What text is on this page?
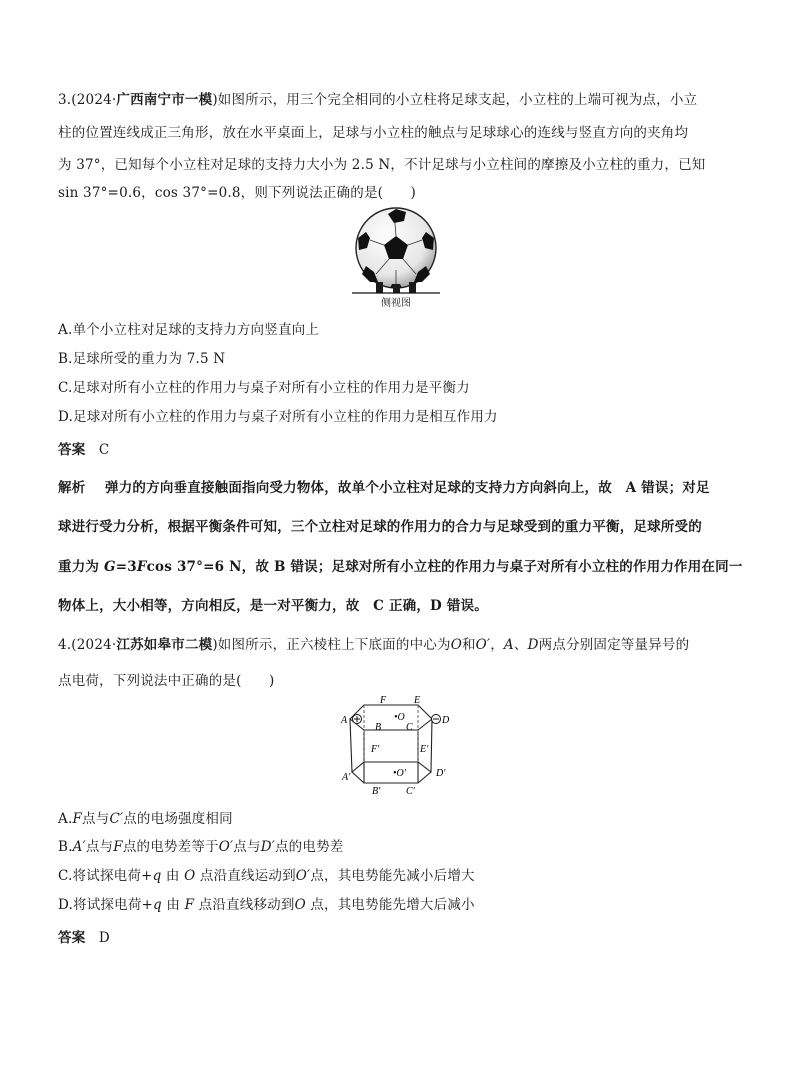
3.(2024·广西南宁市一模)如图所示，用三个完全相同的小立柱将足球支起，小立柱的上端可视为点，小立
柱的位置连线成正三角形，放在水平桌面上，足球与小立柱的触点与足球球心的连线与竖直方向的夹角均
为 37°，已知每个小立柱对足球的支持力大小为 2.5 N，不计足球与小立柱间的摩擦及小立柱的重力，已知
sin 37°=0.6，cos 37°=0.8，则下列说法正确的是(　　)
侧视图
A.单个小立柱对足球的支持力方向竖直向上
B.足球所受的重力为 7.5 N
C.足球对所有小立柱的作用力与桌子对所有小立柱的作用力是平衡力
D.足球对所有小立柱的作用力与桌子对所有小立柱的作用力是相互作用力
答案 C
解析 弹力的方向垂直接触面指向受力物体，故单个小立柱对足球的支持力方向斜向上，故　A 错误；对足
球进行受力分析，根据平衡条件可知，三个立柱对足球的作用力的合力与足球受到的重力平衡，足球所受的
重力为 G=3Fcos 37°=6 N，故 B 错误；足球对所有小立柱的作用力与桌子对所有小立柱的作用力作用在同一
物体上，大小相等，方向相反，是一对平衡力，故　C 正确，D 错误。
4.(2024·江苏如皋市二模)如图所示，正六棱柱上下底面的中心为O和O′，A、D两点分别固定等量异号的
点电荷，下列说法中正确的是(　　)
A
F	E
D
B C
•O
F′	E′
A′	D′
•O′
B′	C′
A.F点与C′点的电场强度相同
B.A′点与F点的电势差等于O′点与D′点的电势差
C.将试探电荷+q 由 O 点沿直线运动到O′点，其电势能先减小后增大
D.将试探电荷+q 由 F 点沿直线移动到O 点，其电势能先增大后减小
答案 D
